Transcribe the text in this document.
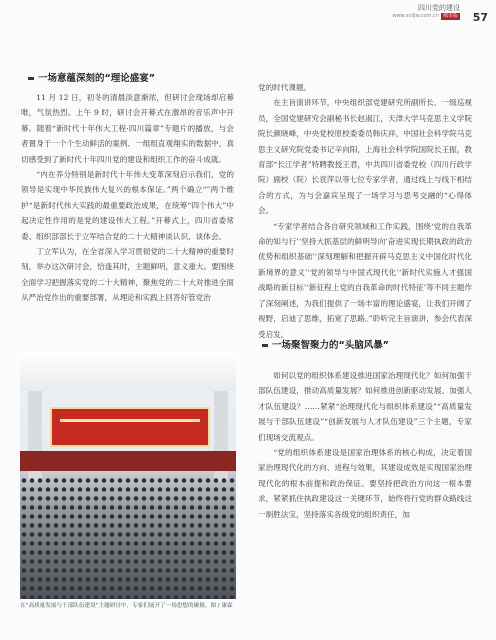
四川党的建设
www.scdjw.com.cn 城市版 57
一场意蕴深刻的“理论盛宴”

11 月 12 日，初冬的清晨淡意渐浓，但研讨会现场却启幕唯，气氛热烈。上午 9 时，研讨会开幕式在激昂的音乐声中开幕。随着“新时代十年伟大工程·四川篇章”专题片的播放，与会者置身于一个个生动鲜活的案例、一组组直观翔实的数据中，真切感受到了新时代十年四川党的建设和组织工作的奋斗成就。

“内在养分特别是新时代十年伟大变革深刻启示我们，党的领导是实现中华民族伟大复兴的根本保证。”两个确立“”两个维护“是新时代伟大实践的最重要政治成果，在统筹“四个伟大”中起决定性作用的是党的建设伟大工程。”开幕式上，四川省委常委、组织部部长于立军结合党的二十大精神谈认识、谈体会。

丁立军认为，在全省深入学习贯彻党的二十大精神的重要时刻，举办这次研讨会，恰逢其时，主题鲜明，意义重大。要围绕全面学习把握落实党的二十大精神，聚焦党的二十大对推进全面从严治党作出的重要部署，从理论和实践上回答好管党治

党的时代课题。

在主旨演讲环节，中央组织部党建研究所副所长、一级巡视员，全国党建研究会副秘书长赵淑江，天津大学马克思主义学院院长颜晓峰，中央党校原校委委员韩庆祥，中国社会科学院马克思主义研究院党委书记辛向阳，上海社会科学院国院长王振，教育部“长江学者”特聘教授王君，中共四川省委党校（四川行政学院）副校（院）长袁萍以等七位专家学者，通过线上与线下相结合的方式，为与会嘉宾呈现了一场学习与思考交融的“心得体会。

“专家学者结合各自研究领域和工作实践，围绕‘党的自我革命的知与行’‘坚持大抓基层的鲜明导向’奋进实现长期执政的政治优势和组织基础’‘深刻理解和把握开辟马克思主义中国化时代化新境界的意义’‘党的领导与中国式现代化’‘新时代实施人才强国战略的新目标’‘新征程上党的自我革命的时代特征’等不同主题作了深刻阐述，为我们提供了一场丰富的理论盛宴，让我们开阔了视野，启迪了思维，拓宽了思路。”聆听完主旨演讲，参会代表深受启发。

一场聚智聚力的“头脑风暴”

如何以党的组织体系建设推进国家治理现代化？如何加强干部队伍建设，推动高质量发展？如何推进创新驱动发展、加强人才队伍建设？……紧紧“治理现代化与组织体系建设”“高质量发展与干部队伍建设”“创新发展与人才队伍建设”三个主题，专家们现场交流观点。

“党的组织体系建设是国家治理体系的核心构成，决定着国家治理现代化的方向、进程与效果，其建设成效是实现国家治理现代化的根本前提和政治保证。要坚持把政治方向这一根本要求，紧紧抓住执政建设这一关键环节，始终将行党的群众路线这一制胜法宝，坚持落实各级党的组织责任，加

在“高质量发展与干部队伍建设”主题研讨中，专家们展开了一场思想的碰撞。图 / 康霖
